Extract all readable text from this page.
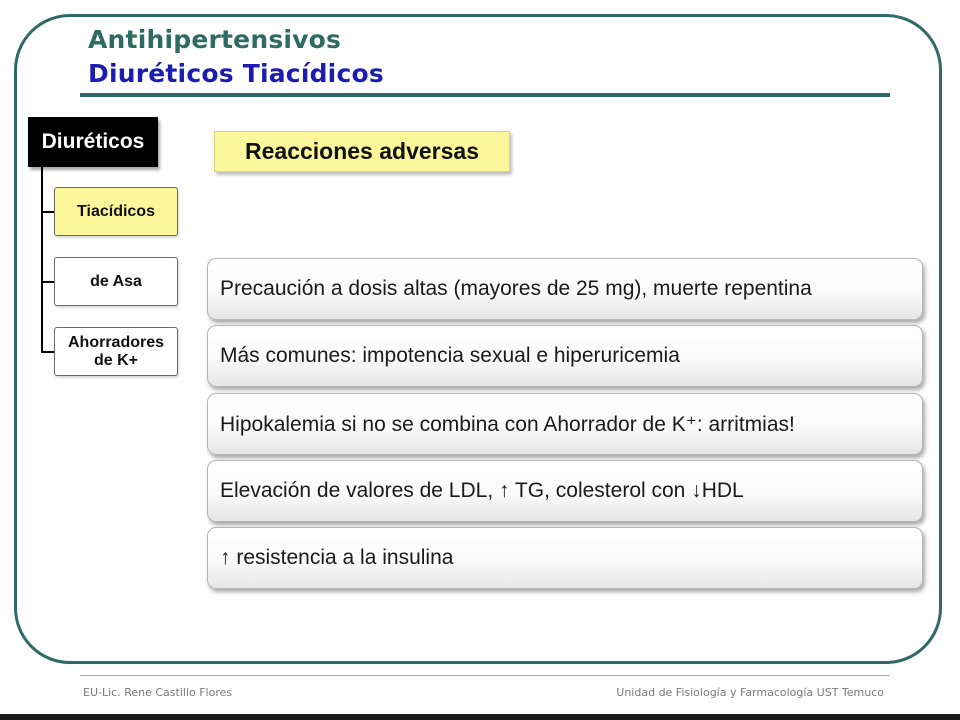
Antihipertensivos
Diuréticos Tiacídicos
Diuréticos
Tiacídicos
de Asa
Ahorradores
de K+
Reacciones adversas
Precaución a dosis altas (mayores de 25 mg), muerte repentina
Más comunes: impotencia sexual e hiperuricemia
Hipokalemia si no se combina con Ahorrador de K⁺: arritmias!
Elevación de valores de LDL, ↑ TG, colesterol con ↓HDL
↑ resistencia a la insulina
EU-Lic. Rene Castillo Flores	Unidad de Fisiología y Farmacología UST Temuco
